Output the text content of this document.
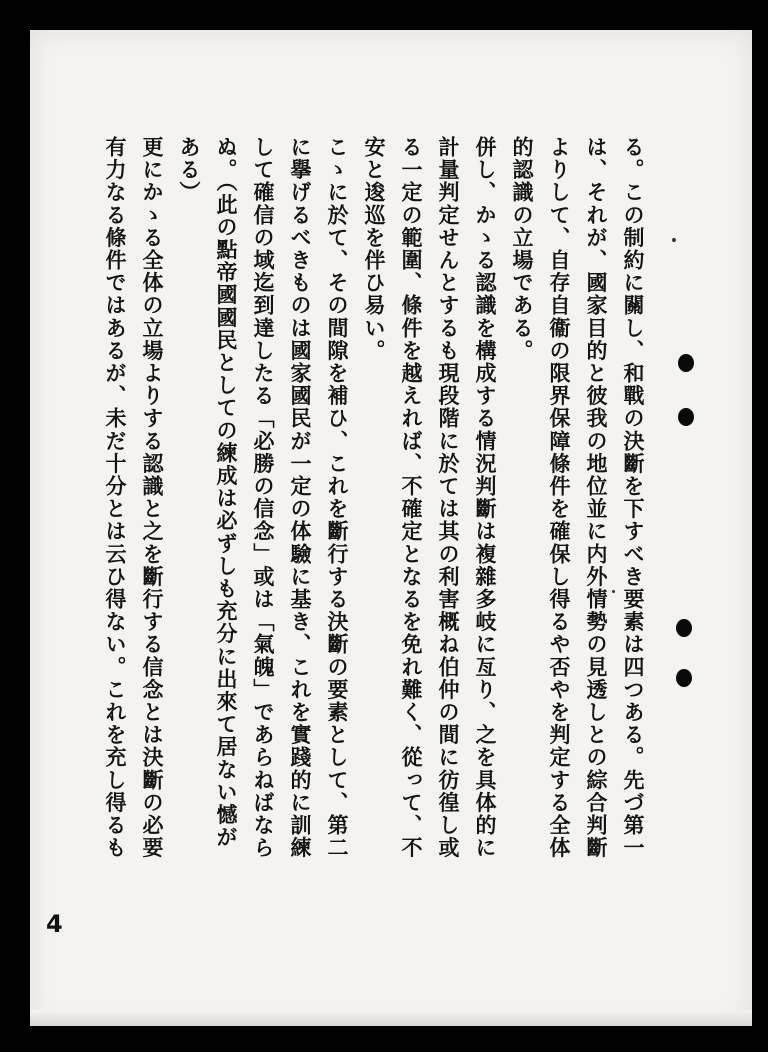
る。この制約に關し、和戰の決斷を下すべき要素は四つある。先づ第一
は、それが、國家目的と彼我の地位並に内外情勢の見透しとの綜合判斷
よりして、自存自衞の限界保障條件を確保し得るや否やを判定する全体
的認識の立場である。
併し、かゝる認識を構成する情況判斷は複雜多岐に亙り、之を具体的に
計量判定せんとするも現段階に於ては其の利害概ね伯仲の間に彷徨し或
る一定の範圍、條件を越えれば、不確定となるを免れ難く、從って、不
安と逡巡を伴ひ易い。
こゝに於て、その間隙を補ひ、これを斷行する決斷の要素として、第二
に擧げるべきものは國家國民が一定の体驗に基き、これを實踐的に訓練
して確信の域迄到達したる「必勝の信念」或は「氣魄」であらねばなら
ぬ。（此の點帝國國民としての練成は必ずしも充分に出來て居ない憾が
ある）
更にかゝる全体の立場よりする認識と之を斷行する信念とは決斷の必要
有力なる條件ではあるが、未だ十分とは云ひ得ない。これを充し得るも
4
